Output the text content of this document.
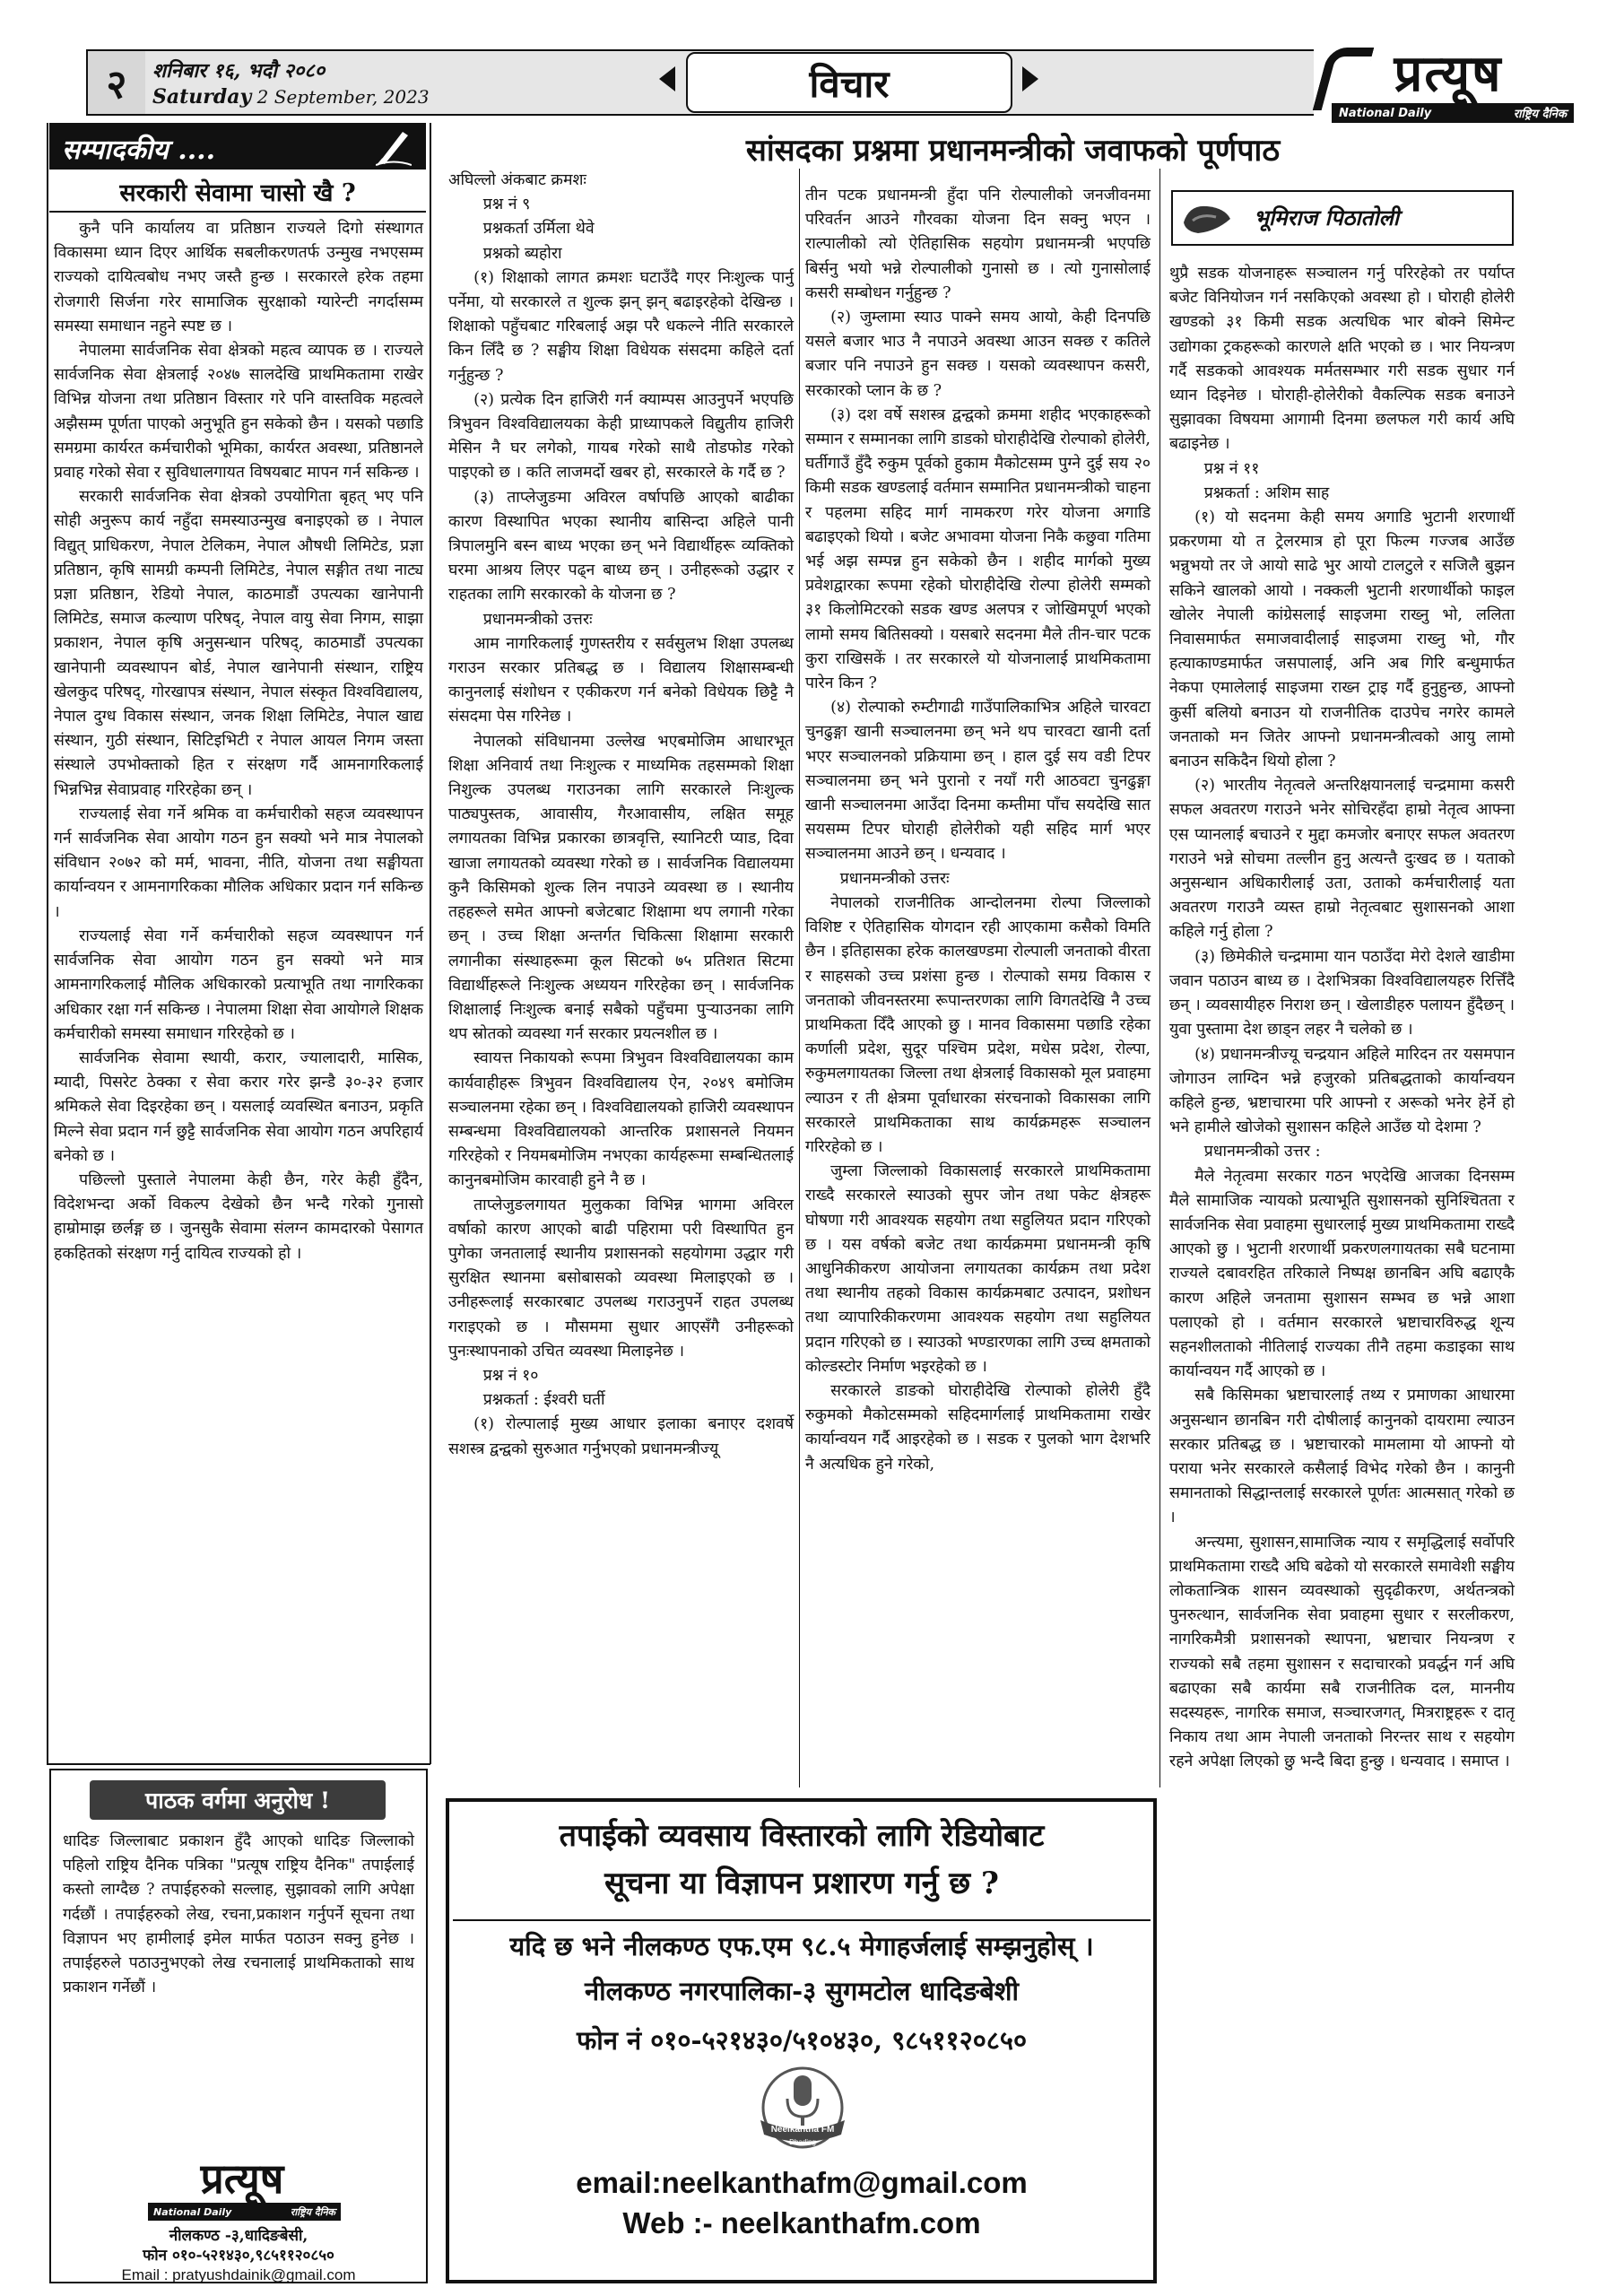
२	शनिबार १६, भदौ २०८०
Saturday 2 September, 2023	विचार	प्रत्यूष
National Daily	राष्ट्रिय दैनिक
सम्पादकीय ....
सरकारी सेवामा चासो खै ?

कुनै पनि कार्यालय वा प्रतिष्ठान राज्यले दिगो संस्थागत विकासमा ध्यान दिएर आर्थिक सबलीकरणतर्फ उन्मुख नभएसम्म राज्यको दायित्वबोध नभए जस्तै हुन्छ । सरकारले हरेक तहमा रोजगारी सिर्जना गरेर सामाजिक सुरक्षाको ग्यारेन्टी नगर्दासम्म समस्या समाधान नहुने स्पष्ट छ ।

नेपालमा सार्वजनिक सेवा क्षेत्रको महत्व व्यापक छ । राज्यले सार्वजनिक सेवा क्षेत्रलाई २०४७ सालदेखि प्राथमिकतामा राखेर विभिन्न योजना तथा प्रतिष्ठान विस्तार गरे पनि वास्तविक महत्वले अझैसम्म पूर्णता पाएको अनुभूति हुन सकेको छैन । यसको पछाडि समग्रमा कार्यरत कर्मचारीको भूमिका, कार्यरत अवस्था, प्रतिष्ठानले प्रवाह गरेको सेवा र सुविधालगायत विषयबाट मापन गर्न सकिन्छ ।

सरकारी सार्वजनिक सेवा क्षेत्रको उपयोगिता बृहत् भए पनि सोही अनुरूप कार्य नहुँदा समस्याउन्मुख बनाइएको छ । नेपाल विद्युत् प्राधिकरण, नेपाल टेलिकम, नेपाल औषधी लिमिटेड, प्रज्ञा प्रतिष्ठान, कृषि सामग्री कम्पनी लिमिटेड, नेपाल सङ्गीत तथा नाट्य प्रज्ञा प्रतिष्ठान, रेडियो नेपाल, काठमाडौं उपत्यका खानेपानी लिमिटेड, समाज कल्याण परिषद्, नेपाल वायु सेवा निगम, साझा प्रकाशन, नेपाल कृषि अनुसन्धान परिषद्, काठमाडौं उपत्यका खानेपानी व्यवस्थापन बोर्ड, नेपाल खानेपानी संस्थान, राष्ट्रिय खेलकुद परिषद्, गोरखापत्र संस्थान, नेपाल संस्कृत विश्वविद्यालय, नेपाल दुग्ध विकास संस्थान, जनक शिक्षा लिमिटेड, नेपाल खाद्य संस्थान, गुठी संस्थान, सिटिइभिटी र नेपाल आयल निगम जस्ता संस्थाले उपभोक्ताको हित र संरक्षण गर्दै आमनागरिकलाई भिन्नभिन्न सेवाप्रवाह गरिरहेका छन् ।

राज्यलाई सेवा गर्ने श्रमिक वा कर्मचारीको सहज व्यवस्थापन गर्न सार्वजनिक सेवा आयोग गठन हुन सक्यो भने मात्र नेपालको संविधान २०७२ को मर्म, भावना, नीति, योजना तथा सङ्घीयता कार्यान्वयन र आमनागरिकका मौलिक अधिकार प्रदान गर्न सकिन्छ ।

राज्यलाई सेवा गर्ने कर्मचारीको सहज व्यवस्थापन गर्न सार्वजनिक सेवा आयोग गठन हुन सक्यो भने मात्र आमनागरिकलाई मौलिक अधिकारको प्रत्याभूति तथा नागरिकका अधिकार रक्षा गर्न सकिन्छ । नेपालमा शिक्षा सेवा आयोगले शिक्षक कर्मचारीको समस्या समाधान गरिरहेको छ ।

सार्वजनिक सेवामा स्थायी, करार, ज्यालादारी, मासिक, म्यादी, पिसरेट ठेक्का र सेवा करार गरेर झन्डै ३०-३२ हजार श्रमिकले सेवा दिइरहेका छन् । यसलाई व्यवस्थित बनाउन, प्रकृति मिल्ने सेवा प्रदान गर्न छुट्टै सार्वजनिक सेवा आयोग गठन अपरिहार्य बनेको छ ।

पछिल्लो पुस्ताले नेपालमा केही छैन, गरेर केही हुँदैन, विदेशभन्दा अर्को विकल्प देखेको छैन भन्दै गरेको गुनासो हाम्रोमाझ छर्लङ्ग छ । जुनसुकै सेवामा संलग्न कामदारको पेसागत हकहितको संरक्षण गर्नु दायित्व राज्यको हो ।

सांसदका प्रश्नमा प्रधानमन्त्रीको जवाफको पूर्णपाठ

अघिल्लो अंकबाट क्रमशः

प्रश्न नं ९

प्रश्नकर्ता उर्मिला थेवे

प्रश्नको ब्यहोरा

(१) शिक्षाको लागत क्रमशः घटाउँदै गएर निःशुल्क पार्नु पर्नेमा, यो सरकारले त शुल्क झन् झन् बढाइरहेको देखिन्छ । शिक्षाको पहुँचबाट गरिबलाई अझ परै धकल्ने नीति सरकारले किन लिँदै छ ? सङ्घीय शिक्षा विधेयक संसदमा कहिले दर्ता गर्नुहुन्छ ?

(२) प्रत्येक दिन हाजिरी गर्न क्याम्पस आउनुपर्ने भएपछि त्रिभुवन विश्वविद्यालयका केही प्राध्यापकले विद्युतीय हाजिरी मेसिन नै घर लगेको, गायब गरेको साथै तोडफोड गरेको पाइएको छ । कति लाजमर्दो खबर हो, सरकारले के गर्दै छ ?

(३) ताप्लेजुङमा अविरल वर्षापछि आएको बाढीका कारण विस्थापित भएका स्थानीय बासिन्दा अहिले पानी त्रिपालमुनि बस्न बाध्य भएका छन् भने विद्यार्थीहरू व्यक्तिको घरमा आश्रय लिएर पढ्न बाध्य छन् । उनीहरूको उद्धार र राहतका लागि सरकारको के योजना छ ?

प्रधानमन्त्रीको उत्तरः

आम नागरिकलाई गुणस्तरीय र सर्वसुलभ शिक्षा उपलब्ध गराउन सरकार प्रतिबद्ध छ । विद्यालय शिक्षासम्बन्धी कानुनलाई संशोधन र एकीकरण गर्न बनेको विधेयक छिट्टै नै संसदमा पेस गरिनेछ ।

नेपालको संविधानमा उल्लेख भएबमोजिम आधारभूत शिक्षा अनिवार्य तथा निःशुल्क र माध्यमिक तहसम्मको शिक्षा निशुल्क उपलब्ध गराउनका लागि सरकारले निःशुल्क पाठ्यपुस्तक, आवासीय, गैरआवासीय, लक्षित समूह लगायतका विभिन्न प्रकारका छात्रवृत्ति, स्यानिटरी प्याड, दिवा खाजा लगायतको व्यवस्था गरेको छ । सार्वजनिक विद्यालयमा कुनै किसिमको शुल्क लिन नपाउने व्यवस्था छ । स्थानीय तहहरूले समेत आफ्नो बजेटबाट शिक्षामा थप लगानी गरेका छन् । उच्च शिक्षा अन्तर्गत चिकित्सा शिक्षामा सरकारी लगानीका संस्थाहरूमा कूल सिटको ७५ प्रतिशत सिटमा विद्यार्थीहरूले निःशुल्क अध्ययन गरिरहेका छन् । सार्वजनिक शिक्षालाई निःशुल्क बनाई सबैको पहुँचमा पुर्‍याउनका लागि थप स्रोतको व्यवस्था गर्न सरकार प्रयत्नशील छ ।

स्वायत्त निकायको रूपमा त्रिभुवन विश्वविद्यालयका काम कार्यवाहीहरू त्रिभुवन विश्वविद्यालय ऐन, २०४९ बमोजिम सञ्चालनमा रहेका छन् । विश्वविद्यालयको हाजिरी व्यवस्थापन सम्बन्धमा विश्वविद्यालयको आन्तरिक प्रशासनले नियमन गरिरहेको र नियमबमोजिम नभएका कार्यहरूमा सम्बन्धितलाई कानुनबमोजिम कारवाही हुने नै छ ।

ताप्लेजुङलगायत मुलुकका विभिन्न भागमा अविरल वर्षाको कारण आएको बाढी पहिरामा परी विस्थापित हुन पुगेका जनतालाई स्थानीय प्रशासनको सहयोगमा उद्धार गरी सुरक्षित स्थानमा बसोबासको व्यवस्था मिलाइएको छ । उनीहरूलाई सरकारबाट उपलब्ध गराउनुपर्ने राहत उपलब्ध गराइएको छ । मौसममा सुधार आएसँगै उनीहरूको पुनःस्थापनाको उचित व्यवस्था मिलाइनेछ ।

प्रश्न नं १०

प्रश्नकर्ता : ईश्वरी घर्ती

(१) रोल्पालाई मुख्य आधार इलाका बनाएर दशवर्षे सशस्त्र द्वन्द्वको सुरुआत गर्नुभएको प्रधानमन्त्रीज्यू

तीन पटक प्रधानमन्त्री हुँदा पनि रोल्पालीको जनजीवनमा परिवर्तन आउने गौरवका योजना दिन सक्नु भएन । राल्पालीको त्यो ऐतिहासिक सहयोग प्रधानमन्त्री भएपछि बिर्सनु भयो भन्ने रोल्पालीको गुनासो छ । त्यो गुनासोलाई कसरी सम्बोधन गर्नुहुन्छ ?

(२) जुम्लामा स्याउ पाक्ने समय आयो, केही दिनपछि यसले बजार भाउ नै नपाउने अवस्था आउन सक्छ र कतिले बजार पनि नपाउने हुन सक्छ । यसको व्यवस्थापन कसरी, सरकारको प्लान के छ ?

(३) दश वर्षे सशस्त्र द्वन्द्वको क्रममा शहीद भएकाहरूको सम्मान र सम्मानका लागि डाडको घोराहीदेखि रोल्पाको होलेरी, घर्तीगाउँ हुँदै रुकुम पूर्वको हुकाम मैकोटसम्म पुग्ने दुई सय २० किमी सडक खण्डलाई वर्तमान सम्मानित प्रधानमन्त्रीको चाहना र पहलमा सहिद मार्ग नामकरण गरेर योजना अगाडि बढाइएको थियो । बजेट अभावमा योजना निकै कछुवा गतिमा भई अझ सम्पन्न हुन सकेको छैन । शहीद मार्गको मुख्य प्रवेशद्वारका रूपमा रहेको घोराहीदेखि रोल्पा होलेरी सम्मको ३१ किलोमिटरको सडक खण्ड अलपत्र र जोखिमपूर्ण भएको लामो समय बितिसक्यो । यसबारे सदनमा मैले तीन-चार पटक कुरा राखिसकें । तर सरकारले यो योजनालाई प्राथमिकतामा पारेन किन ?

(४) रोल्पाको रुम्टीगाढी गाउँपालिकाभित्र अहिले चारवटा चुनढुङ्गा खानी सञ्चालनमा छन् भने थप चारवटा खानी दर्ता भएर सञ्चालनको प्रक्रियामा छन् । हाल दुई सय वडी टिपर सञ्चालनमा छन् भने पुरानो र नयाँ गरी आठवटा चुनढुङ्गा खानी सञ्चालनमा आउँदा दिनमा कम्तीमा पाँच सयदेखि सात सयसम्म टिपर घोराही होलेरीको यही सहिद मार्ग भएर सञ्चालनमा आउने छन् । धन्यवाद ।

प्रधानमन्त्रीको उत्तरः

नेपालको राजनीतिक आन्दोलनमा रोल्पा जिल्लाको विशिष्ट र ऐतिहासिक योगदान रही आएकामा कसैको विमति छैन । इतिहासका हरेक कालखण्डमा रोल्पाली जनताको वीरता र साहसको उच्च प्रशंसा हुन्छ । रोल्पाको समग्र विकास र जनताको जीवनस्तरमा रूपान्तरणका लागि विगतदेखि नै उच्च प्राथमिकता दिँदै आएको छु । मानव विकासमा पछाडि रहेका कर्णाली प्रदेश, सुदूर पश्चिम प्रदेश, मधेस प्रदेश, रोल्पा, रुकुमलगायतका जिल्ला तथा क्षेत्रलाई विकासको मूल प्रवाहमा ल्याउन र ती क्षेत्रमा पूर्वाधारका संरचनाको विकासका लागि सरकारले प्राथमिकताका साथ कार्यक्रमहरू सञ्चालन गरिरहेको छ ।

जुम्ला जिल्लाको विकासलाई सरकारले प्राथमिकतामा राख्दै सरकारले स्याउको सुपर जोन तथा पकेट क्षेत्रहरू घोषणा गरी आवश्यक सहयोग तथा सहुलियत प्रदान गरिएको छ । यस वर्षको बजेट तथा कार्यक्रममा प्रधानमन्त्री कृषि आधुनिकीकरण आयोजना लगायतका कार्यक्रम तथा प्रदेश तथा स्थानीय तहको विकास कार्यक्रमबाट उत्पादन, प्रशोधन तथा व्यापारिकीकरणमा आवश्यक सहयोग तथा सहुलियत प्रदान गरिएको छ । स्याउको भण्डारणका लागि उच्च क्षमताको कोल्डस्टोर निर्माण भइरहेको छ ।

सरकारले डाङको घोराहीदेखि रोल्पाको होलेरी हुँदै रुकुमको मैकोटसम्मको सहिदमार्गलाई प्राथमिकतामा राखेर कार्यान्वयन गर्दै आइरहेको छ । सडक र पुलको भाग देशभरि नै अत्यधिक हुने गरेको,

भूमिराज पिठातोली

थुप्रै सडक योजनाहरू सञ्चालन गर्नु परिरहेको तर पर्याप्त बजेट विनियोजन गर्न नसकिएको अवस्था हो । घोराही होलेरी खण्डको ३१ किमी सडक अत्यधिक भार बोक्ने सिमेन्ट उद्योगका ट्रकहरूको कारणले क्षति भएको छ । भार नियन्त्रण गर्दै सडकको आवश्यक मर्मतसम्भार गरी सडक सुधार गर्न ध्यान दिइनेछ । घोराही-होलेरीको वैकल्पिक सडक बनाउने सुझावका विषयमा आगामी दिनमा छलफल गरी कार्य अघि बढाइनेछ ।

प्रश्न नं ११

प्रश्नकर्ता : अशिम साह

(१) यो सदनमा केही समय अगाडि भुटानी शरणार्थी प्रकरणमा यो त ट्रेलरमात्र हो पूरा फिल्म गज्जब आउँछ भन्नुभयो तर जे आयो साढे भुर आयो टालटुले र सजिलै बुझन सकिने खालको आयो । नक्कली भुटानी शरणार्थीको फाइल खोलेर नेपाली कांग्रेसलाई साइजमा राख्नु भो, ललिता निवासमार्फत समाजवादीलाई साइजमा राख्नु भो, गौर हत्याकाण्डमार्फत जसपालाई, अनि अब गिरि बन्धुमार्फत नेकपा एमालेलाई साइजमा राख्न ट्राइ गर्दै हुनुहुन्छ, आफ्नो कुर्सी बलियो बनाउन यो राजनीतिक दाउपेच नगरेर कामले जनताको मन जितेर आफ्नो प्रधानमन्त्रीत्वको आयु लामो बनाउन सकिदैन थियो होला ?

(२) भारतीय नेतृत्वले अन्तरिक्षयानलाई चन्द्रमामा कसरी सफल अवतरण गराउने भनेर सोचिरहँदा हाम्रो नेतृत्व आफ्ना एस प्यानलाई बचाउने र मुद्दा कमजोर बनाएर सफल अवतरण गराउने भन्ने सोचमा तल्लीन हुनु अत्यन्तै दुःखद छ । यताको अनुसन्धान अधिकारीलाई उता, उताको कर्मचारीलाई यता अवतरण गराउनै व्यस्त हाम्रो नेतृत्वबाट सुशासनको आशा कहिले गर्नु होला ?

(३) छिमेकीले चन्द्रमामा यान पठाउँदा मेरो देशले खाडीमा जवान पठाउन बाध्य छ । देशभित्रका विश्वविद्यालयहरु रित्तिँदै छन् । व्यवसायीहरु निराश छन् । खेलाडीहरु पलायन हुँदैछन् । युवा पुस्तामा देश छाड्न लहर नै चलेको छ ।

(४) प्रधानमन्त्रीज्यू चन्द्रयान अहिले मारिदन तर यसमपान जोगाउन लाग्दिन भन्ने हजुरको प्रतिबद्धताको कार्यान्वयन कहिले हुन्छ, भ्रष्टाचारमा परि आफ्नो र अरूको भनेर हेर्ने हो भने हामीले खोजेको सुशासन कहिले आउँछ यो देशमा ?

प्रधानमन्त्रीको उत्तर :

मैले नेतृत्वमा सरकार गठन भएदेखि आजका दिनसम्म मैले सामाजिक न्यायको प्रत्याभूति सुशासनको सुनिश्चितता र सार्वजनिक सेवा प्रवाहमा सुधारलाई मुख्य प्राथमिकतामा राख्दै आएको छु । भुटानी शरणार्थी प्रकरणलगायतका सबै घटनामा राज्यले दबावरहित तरिकाले निष्पक्ष छानबिन अघि बढाएकै कारण अहिले जनतामा सुशासन सम्भव छ भन्ने आशा पलाएको हो । वर्तमान सरकारले भ्रष्टाचारविरुद्ध शून्य सहनशीलताको नीतिलाई राज्यका तीनै तहमा कडाइका साथ कार्यान्वयन गर्दै आएको छ ।

सबै किसिमका भ्रष्टाचारलाई तथ्य र प्रमाणका आधारमा अनुसन्धान छानबिन गरी दोषीलाई कानुनको दायरामा ल्याउन सरकार प्रतिबद्ध छ । भ्रष्टाचारको मामलामा यो आफ्नो यो पराया भनेर सरकारले कसैलाई विभेद गरेको छैन । कानुनी समानताको सिद्धान्तलाई सरकारले पूर्णतः आत्मसात् गरेको छ ।

अन्त्यमा, सुशासन,सामाजिक न्याय र समृद्धिलाई सर्वोपरि प्राथमिकतामा राख्दै अघि बढेको यो सरकारले समावेशी सङ्घीय लोकतान्त्रिक शासन व्यवस्थाको सुदृढीकरण, अर्थतन्त्रको पुनरुत्थान, सार्वजनिक सेवा प्रवाहमा सुधार र सरलीकरण, नागरिकमैत्री प्रशासनको स्थापना, भ्रष्टाचार नियन्त्रण र राज्यको सबै तहमा सुशासन र सदाचारको प्रवर्द्धन गर्न अघि बढाएका सबै कार्यमा सबै राजनीतिक दल, माननीय सदस्यहरू, नागरिक समाज, सञ्चारजगत्, मित्रराष्ट्रहरू र दातृ निकाय तथा आम नेपाली जनताको निरन्तर साथ र सहयोग रहने अपेक्षा लिएको छु भन्दै बिदा हुन्छु । धन्यवाद । समाप्त ।

पाठक वर्गमा अनुरोध !

धादिङ जिल्लाबाट प्रकाशन हुँदै आएको धादिङ जिल्लाको पहिलो राष्ट्रिय दैनिक पत्रिका "प्रत्यूष राष्ट्रिय दैनिक" तपाईलाई कस्तो लाग्दैछ ? तपाईहरुको सल्लाह, सुझावको लागि अपेक्षा गर्दछौं । तपाईहरुको लेख, रचना,प्रकाशन गर्नुपर्ने सूचना तथा विज्ञापन भए हामीलाई इमेल मार्फत पठाउन सक्नु हुनेछ । तपाईहरुले पठाउनुभएको लेख रचनालाई प्राथमिकताको साथ प्रकाशन गर्नेछौं ।

प्रत्यूष
National Daily	राष्ट्रिय दैनिक
नीलकण्ठ -३,धादिङबेसी,
फोन ०१०-५२१४३०,९८५११२०८५०
Email : pratyushdainik@gmail.com
तपाईको व्यवसाय विस्तारको लागि रेडियोबाट
सूचना या विज्ञापन प्रशारण गर्नु छ ?
यदि छ भने नीलकण्ठ एफ.एम ९८.५ मेगाहर्जलाई सम्झनुहोस् ।
नीलकण्ठ नगरपालिका-३ सुगमटोल धादिङबेशी
फोन नं ०१०-५२१४३०/५१०४३०, ९८५११२०८५०
Neelkantha FM
Dhading
email:neelkanthafm@gmail.com
Web :- neelkanthafm.com
